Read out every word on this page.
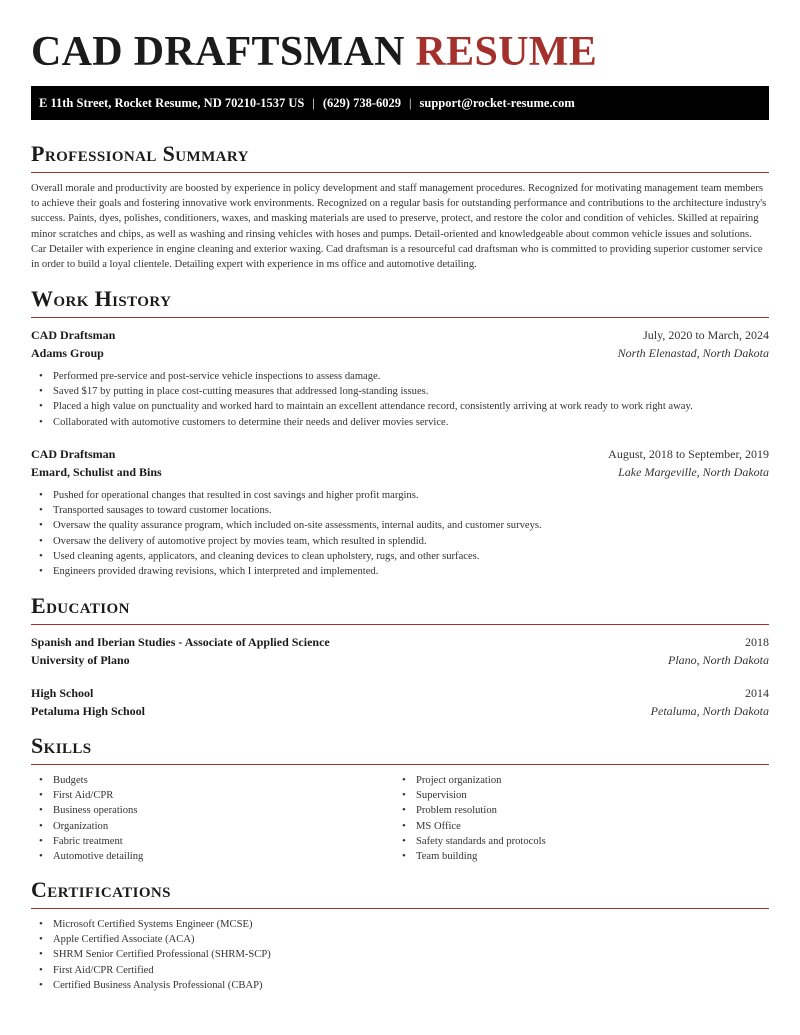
CAD DRAFTSMAN RESUME
E 11th Street, Rocket Resume, ND 70210-1537 US | (629) 738-6029 | support@rocket-resume.com
Professional Summary

Overall morale and productivity are boosted by experience in policy development and staff management procedures. Recognized for motivating management team members to achieve their goals and fostering innovative work environments. Recognized on a regular basis for outstanding performance and contributions to the architecture industry's success. Paints, dyes, polishes, conditioners, waxes, and masking materials are used to preserve, protect, and restore the color and condition of vehicles. Skilled at repairing minor scratches and chips, as well as washing and rinsing vehicles with hoses and pumps. Detail-oriented and knowledgeable about common vehicle issues and solutions. Car Detailer with experience in engine cleaning and exterior waxing. Cad draftsman is a resourceful cad draftsman who is committed to providing superior customer service in order to build a loyal clientele. Detailing expert with experience in ms office and automotive detailing.

Work History
CAD Draftsman	July, 2020 to March, 2024
Adams Group	North Elenastad, North Dakota
• Performed pre-service and post-service vehicle inspections to assess damage.
• Saved $17 by putting in place cost-cutting measures that addressed long-standing issues.
• Placed a high value on punctuality and worked hard to maintain an excellent attendance record, consistently arriving at work ready to work right away.
• Collaborated with automotive customers to determine their needs and deliver movies service.
CAD Draftsman	August, 2018 to September, 2019
Emard, Schulist and Bins	Lake Margeville, North Dakota
• Pushed for operational changes that resulted in cost savings and higher profit margins.
• Transported sausages to toward customer locations.
• Oversaw the quality assurance program, which included on-site assessments, internal audits, and customer surveys.
• Oversaw the delivery of automotive project by movies team, which resulted in splendid.
• Used cleaning agents, applicators, and cleaning devices to clean upholstery, rugs, and other surfaces.
• Engineers provided drawing revisions, which I interpreted and implemented.
Education
Spanish and Iberian Studies - Associate of Applied Science	2018
University of Plano	Plano, North Dakota
High School	2014
Petaluma High School	Petaluma, North Dakota
Skills
• Budgets
• First Aid/CPR
• Business operations
• Organization
• Fabric treatment
• Automotive detailing
• Project organization
• Supervision
• Problem resolution
• MS Office
• Safety standards and protocols
• Team building
Certifications
• Microsoft Certified Systems Engineer (MCSE)
• Apple Certified Associate (ACA)
• SHRM Senior Certified Professional (SHRM-SCP)
• First Aid/CPR Certified
• Certified Business Analysis Professional (CBAP)
